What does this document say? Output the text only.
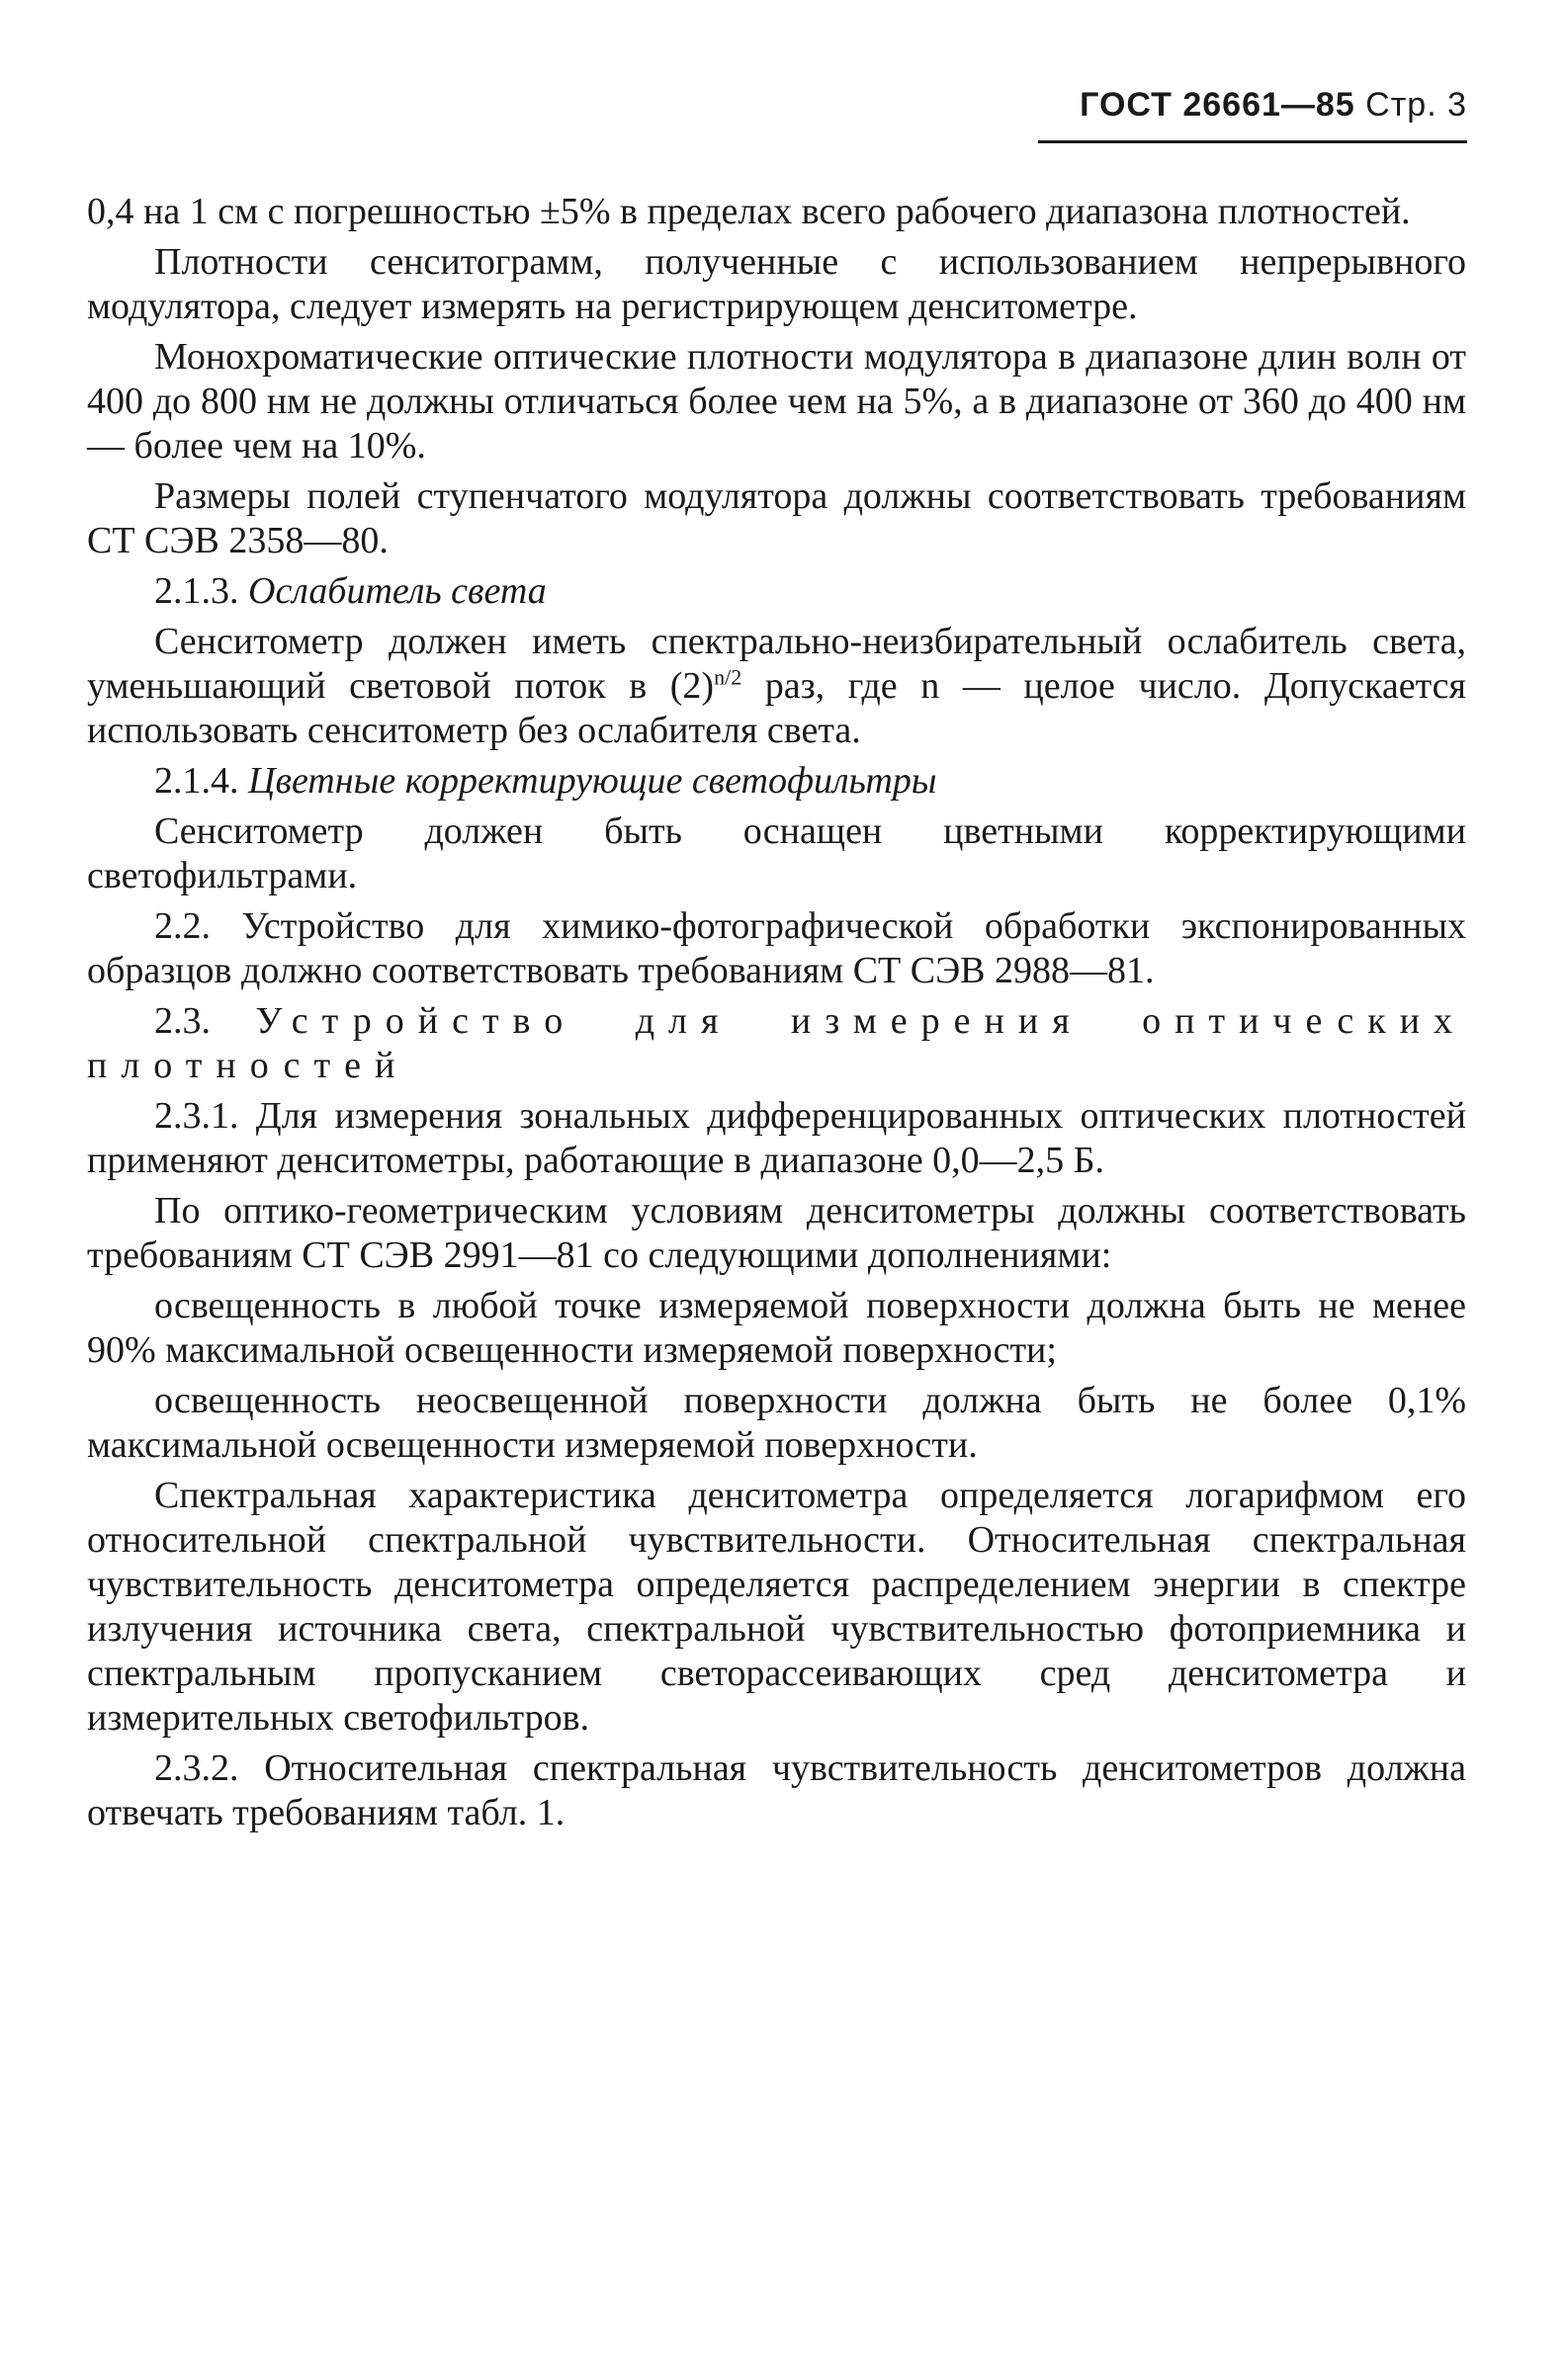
ГОСТ 26661—85 Стр. 3

0,4 на 1 см с погрешностью ±5% в пределах всего рабочего диапазона плотностей.

Плотности сенситограмм, полученные с использованием непрерывного модулятора, следует измерять на регистрирующем денситометре.

Монохроматические оптические плотности модулятора в диапазоне длин волн от 400 до 800 нм не должны отличаться более чем на 5%, а в диапазоне от 360 до 400 нм — более чем на 10%.

Размеры полей ступенчатого модулятора должны соответствовать требованиям СТ СЭВ 2358—80.

2.1.3. Ослабитель света

Сенситометр должен иметь спектрально-неизбирательный ослабитель света, уменьшающий световой поток в $(2)^{n/2}$ раз, где n — целое число. Допускается использовать сенситометр без ослабителя света.

2.1.4. Цветные корректирующие светофильтры

Сенситометр должен быть оснащен цветными корректирующими светофильтрами.

2.2. Устройство для химико-фотографической обработки экспонированных образцов должно соответствовать требованиям СТ СЭВ 2988—81.

2.3. Устройство для измерения оптических плотностей

2.3.1. Для измерения зональных дифференцированных оптических плотностей применяют денситометры, работающие в диапазоне 0,0—2,5 Б.

По оптико-геометрическим условиям денситометры должны соответствовать требованиям СТ СЭВ 2991—81 со следующими дополнениями:

освещенность в любой точке измеряемой поверхности должна быть не менее 90% максимальной освещенности измеряемой поверхности;

освещенность неосвещенной поверхности должна быть не более 0,1% максимальной освещенности измеряемой поверхности.

Спектральная характеристика денситометра определяется логарифмом его относительной спектральной чувствительности. Относительная спектральная чувствительность денситометра определяется распределением энергии в спектре излучения источника света, спектральной чувствительностью фотоприемника и спектральным пропусканием светорассеивающих сред денситометра и измерительных светофильтров.

2.3.2. Относительная спектральная чувствительность денситометров должна отвечать требованиям табл. 1.
